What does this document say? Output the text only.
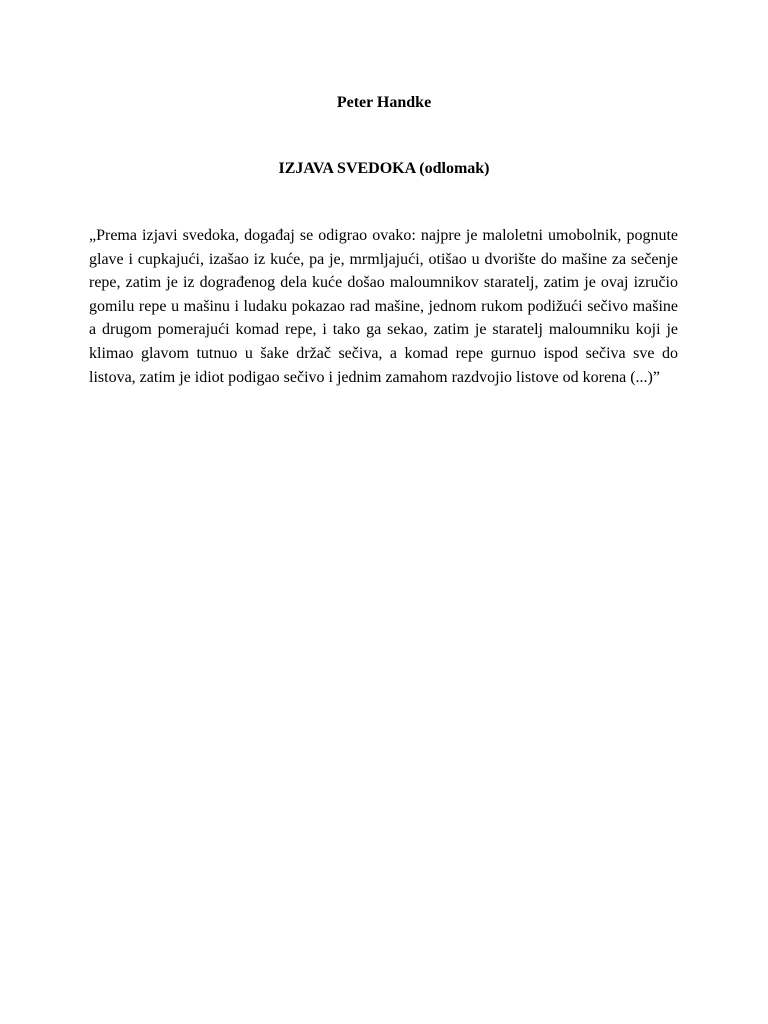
Peter Handke

IZJAVA SVEDOKA (odlomak)

„Prema izjavi svedoka, događaj se odigrao ovako: najpre je maloletni umobolnik, pognute glave i cupkajući, izašao iz kuće, pa je, mrmljajući, otišao u dvorište do mašine za sečenje repe, zatim je iz dograđenog dela kuće došao maloumnikov staratelj, zatim je ovaj izručio gomilu repe u mašinu i ludaku pokazao rad mašine, jednom rukom podižući sečivo mašine a drugom pomerajući komad repe, i tako ga sekao, zatim je staratelj maloumniku koji je klimao glavom tutnuo u šake držač sečiva, a komad repe gurnuo ispod sečiva sve do listova, zatim je idiot podigao sečivo i jednim zamahom razdvojio listove od korena (...)”
